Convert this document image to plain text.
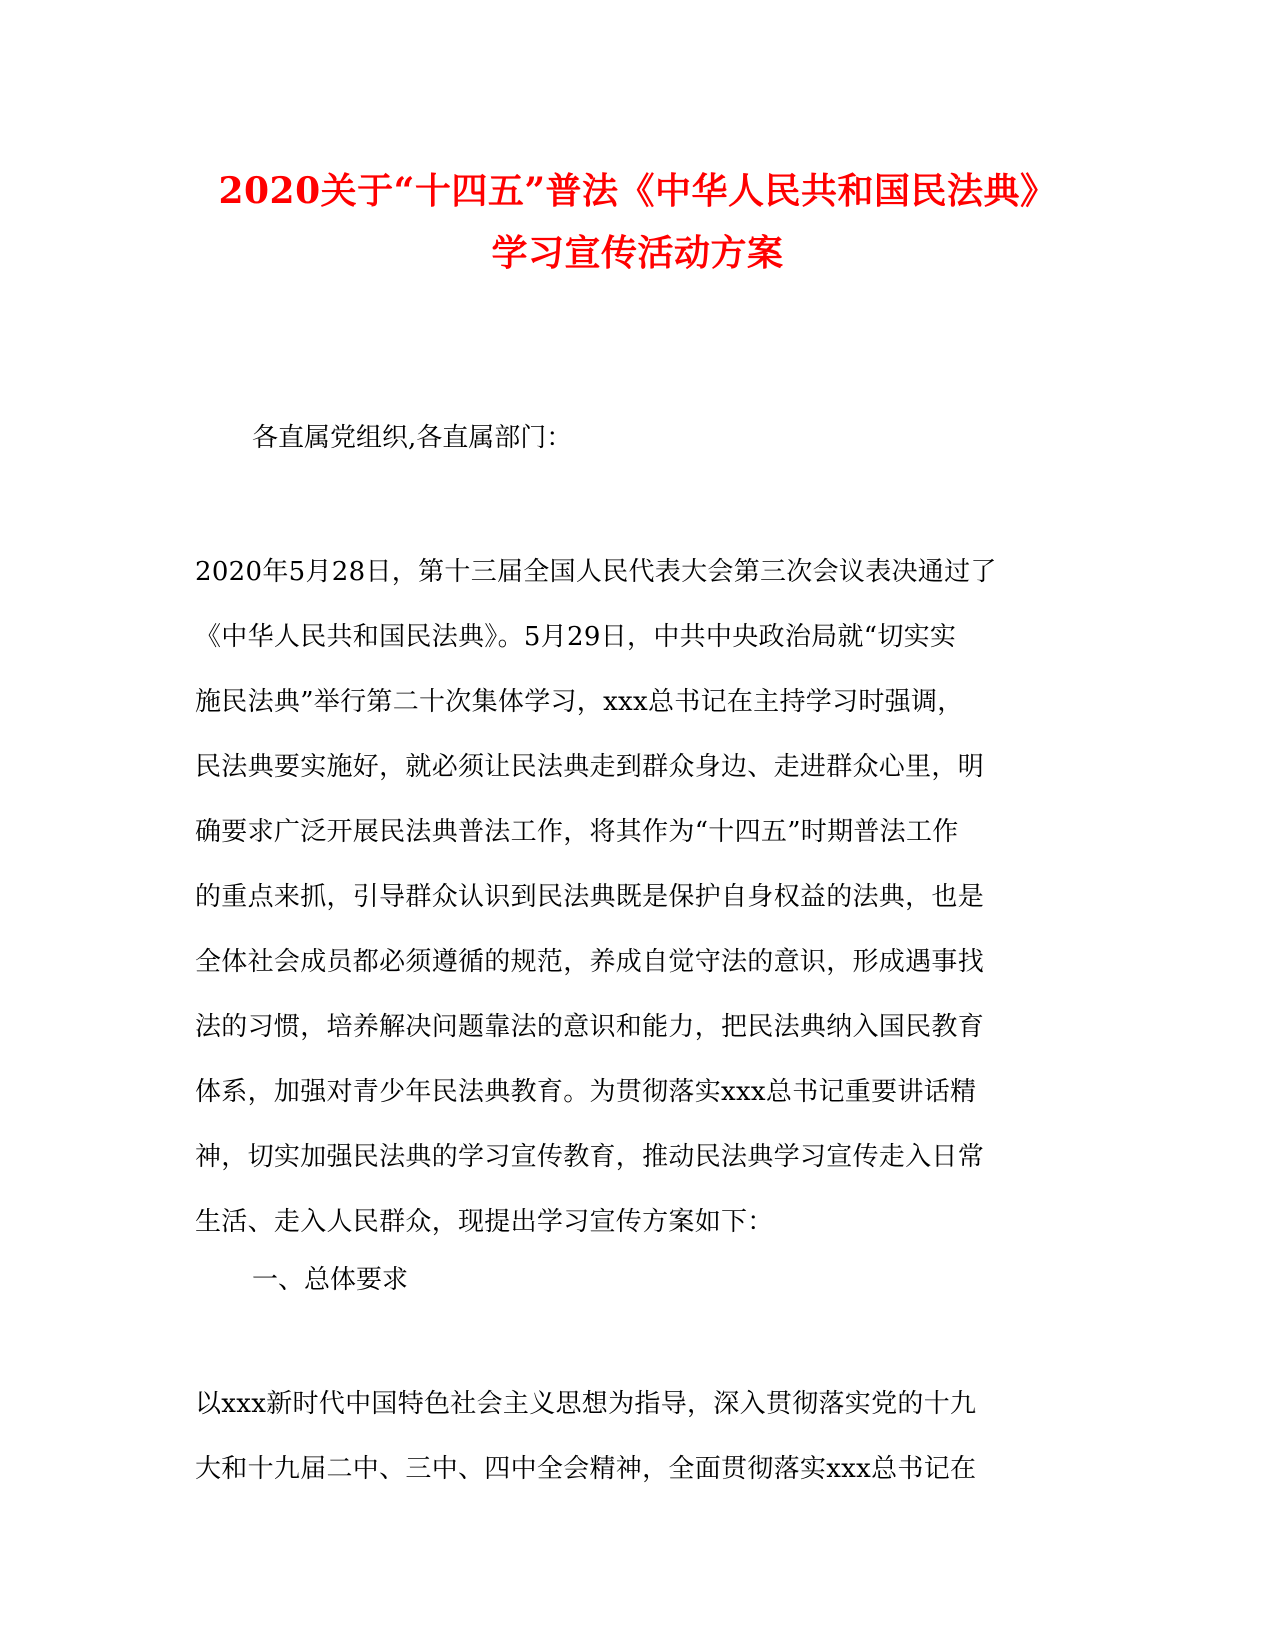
2020关于“十四五”普法《中华人民共和国民法典》
学习宣传活动方案
各直属党组织,各直属部门：
2020年5月28日，第十三届全国人民代表大会第三次会议表决通过了
《中华人民共和国民法典》。5月29日，中共中央政治局就“切实实
施民法典”举行第二十次集体学习，xxx总书记在主持学习时强调，
民法典要实施好，就必须让民法典走到群众身边、走进群众心里，明
确要求广泛开展民法典普法工作，将其作为“十四五”时期普法工作
的重点来抓，引导群众认识到民法典既是保护自身权益的法典，也是
全体社会成员都必须遵循的规范，养成自觉守法的意识，形成遇事找
法的习惯，培养解决问题靠法的意识和能力，把民法典纳入国民教育
体系，加强对青少年民法典教育。为贯彻落实xxx总书记重要讲话精
神，切实加强民法典的学习宣传教育，推动民法典学习宣传走入日常
生活、走入人民群众，现提出学习宣传方案如下：
一、总体要求
以xxx新时代中国特色社会主义思想为指导，深入贯彻落实党的十九
大和十九届二中、三中、四中全会精神，全面贯彻落实xxx总书记在
